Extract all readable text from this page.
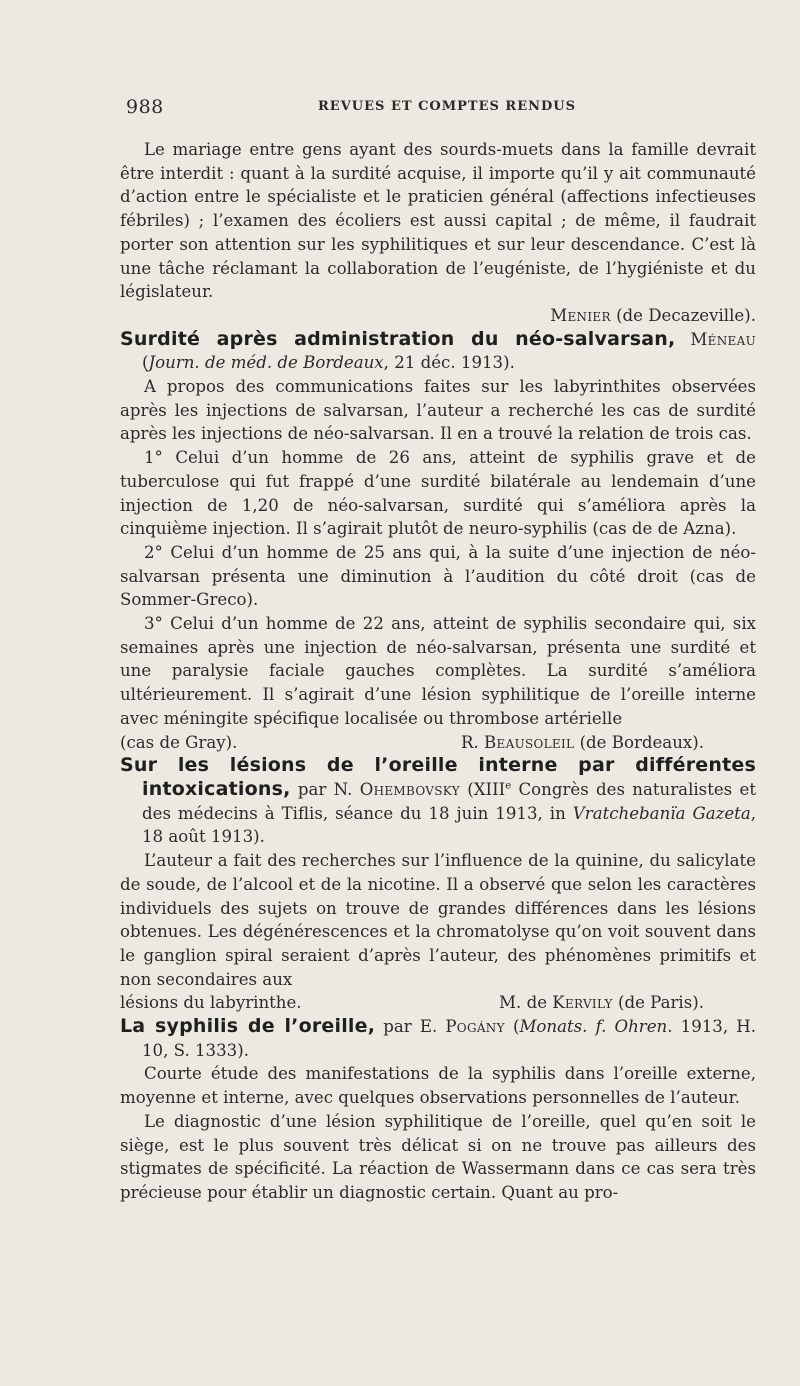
988	REVUES ET COMPTES RENDUS

Le mariage entre gens ayant des sourds-muets dans la famille devrait être interdit : quant à la surdité acquise, il importe qu’il y ait communauté d’action entre le spécialiste et le praticien général (affections infectieuses fébriles) ; l’examen des écoliers est aussi capital ; de même, il faudrait porter son attention sur les syphilitiques et sur leur descendance. C’est là une tâche réclamant la collaboration de l’eugéniste, de l’hygiéniste et du législateur.

Menier (de Decazeville).

Surdité après administration du néo-salvarsan, Méneau (Journ. de méd. de Bordeaux, 21 déc. 1913).

A propos des communications faites sur les labyrinthites observées après les injections de salvarsan, l’auteur a recherché les cas de surdité après les injections de néo-salvarsan. Il en a trouvé la relation de trois cas.

1° Celui d’un homme de 26 ans, atteint de syphilis grave et de tuberculose qui fut frappé d’une surdité bilatérale au lendemain d’une injection de 1,20 de néo-salvarsan, surdité qui s’améliora après la cinquième injection. Il s’agirait plutôt de neuro-syphilis (cas de de Azna).

2° Celui d’un homme de 25 ans qui, à la suite d’une injection de néo-salvarsan présenta une diminution à l’audition du côté droit (cas de Sommer-Greco).

3° Celui d’un homme de 22 ans, atteint de syphilis secondaire qui, six semaines après une injection de néo-salvarsan, présenta une surdité et une paralysie faciale gauches complètes. La surdité s’améliora ultérieurement. Il s’agirait d’une lésion syphilitique de l’oreille interne avec méningite spécifique localisée ou thrombose artérielle

(cas de Gray).	R. Beausoleil (de Bordeaux).

Sur les lésions de l’oreille interne par différentes intoxications, par N. Ohembovsky (XIIIe Congrès des naturalistes et des médecins à Tiflis, séance du 18 juin 1913, in Vratchebanïa Gazeta, 18 août 1913).

L’auteur a fait des recherches sur l’influence de la quinine, du salicylate de soude, de l’alcool et de la nicotine. Il a observé que selon les caractères individuels des sujets on trouve de grandes différences dans les lésions obtenues. Les dégénérescences et la chromatolyse qu’on voit souvent dans le ganglion spiral seraient d’après l’auteur, des phénomènes primitifs et non secondaires aux

lésions du labyrinthe.	M. de Kervily (de Paris).

La syphilis de l’oreille, par E. Pogány (Monats. f. Ohren. 1913, H. 10, S. 1333).

Courte étude des manifestations de la syphilis dans l’oreille externe, moyenne et interne, avec quelques observations personnelles de l’auteur.

Le diagnostic d’une lésion syphilitique de l’oreille, quel qu’en soit le siège, est le plus souvent très délicat si on ne trouve pas ailleurs des stigmates de spécificité. La réaction de Wassermann dans ce cas sera très précieuse pour établir un diagnostic certain. Quant au pro-
